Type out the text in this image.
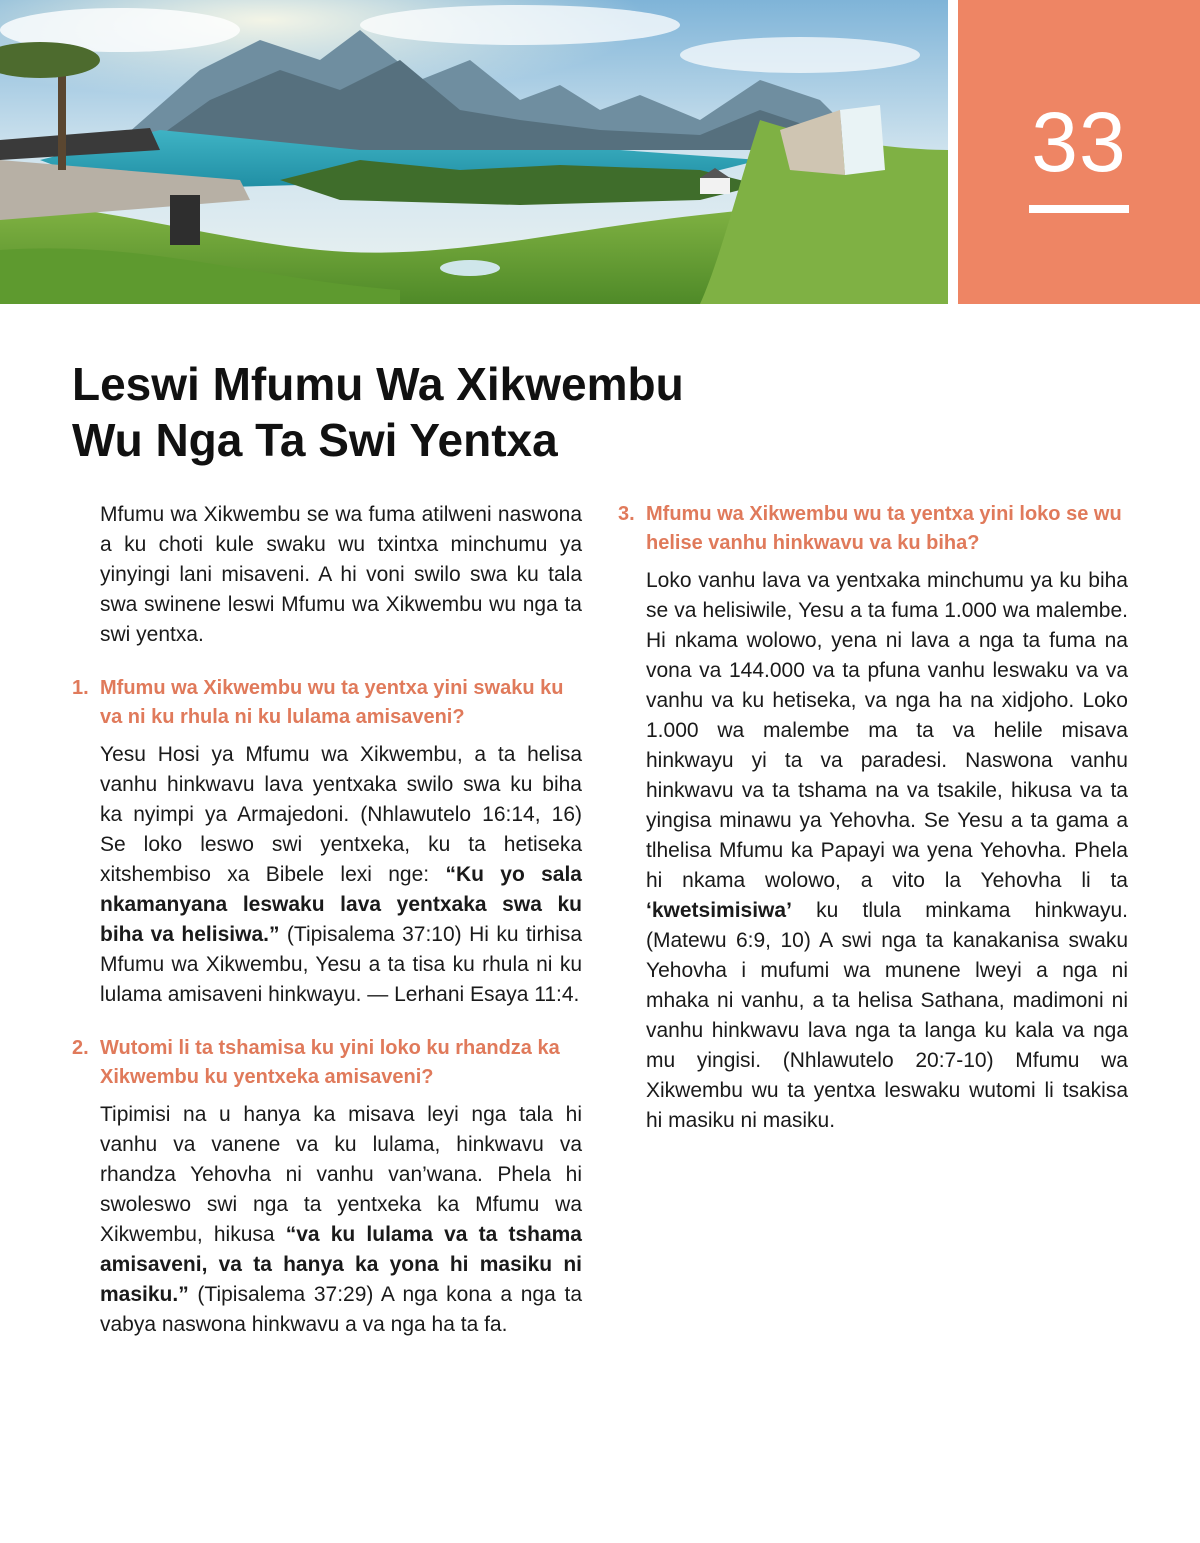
33
Leswi Mfumu Wa Xikwembu
Wu Nga Ta Swi Yentxa

Mfumu wa Xikwembu se wa fuma atilweni naswona a ku choti kule swaku wu txintxa minchumu ya yinyingi lani misaveni. A hi voni swilo swa ku tala swa swinene leswi Mfumu wa Xikwembu wu nga ta swi yentxa.

1. Mfumu wa Xikwembu wu ta yentxa yini swaku ku va ni ku rhula ni ku lulama amisaveni?

Yesu Hosi ya Mfumu wa Xikwembu, a ta helisa vanhu hinkwavu lava yentxaka swilo swa ku biha ka nyimpi ya Armajedoni. (Nhlawutelo 16:14, 16) Se loko leswo swi yentxeka, ku ta hetiseka xitshembiso xa Bibele lexi nge: “Ku yo sala nkamanyana leswaku lava yentxaka swa ku biha va helisiwa.” (Tipisalema 37:10) Hi ku tirhisa Mfumu wa Xikwembu, Yesu a ta tisa ku rhula ni ku lulama amisaveni hinkwayu. — Lerhani Esaya 11:4.

2. Wutomi li ta tshamisa ku yini loko ku rhandza ka Xikwembu ku yentxeka amisaveni?

Tipimisi na u hanya ka misava leyi nga tala hi vanhu va vanene va ku lulama, hinkwavu va rhandza Yehovha ni vanhu van’wana. Phela hi swoleswo swi nga ta yentxeka ka Mfumu wa Xikwembu, hikusa “va ku lulama va ta tshama amisaveni, va ta hanya ka yona hi masiku ni masiku.” (Tipisalema 37:29) A nga kona a nga ta vabya naswona hinkwavu a va nga ha ta fa.

3. Mfumu wa Xikwembu wu ta yentxa yini loko se wu helise vanhu hinkwavu va ku biha?

Loko vanhu lava va yentxaka minchumu ya ku biha se va helisiwile, Yesu a ta fuma 1.000 wa malembe. Hi nkama wolowo, yena ni lava a nga ta fuma na vona va 144.000 va ta pfuna vanhu leswaku va va vanhu va ku hetiseka, va nga ha na xidjoho. Loko 1.000 wa malembe ma ta va helile misava hinkwayu yi ta va paradesi. Naswona vanhu hinkwavu va ta tshama na va tsakile, hikusa va ta yingisa minawu ya Yehovha. Se Yesu a ta gama a tlhelisa Mfumu ka Papayi wa yena Yehovha. Phela hi nkama wolowo, a vito la Yehovha li ta ‘kwetsimisiwa’ ku tlula minkama hinkwayu. (Matewu 6:9, 10) A swi nga ta kanakanisa swaku Yehovha i mufumi wa munene lweyi a nga ni mhaka ni vanhu, a ta helisa Sathana, madimoni ni vanhu hinkwavu lava nga ta langa ku kala va nga mu yingisi. (Nhlawutelo 20:7-10) Mfumu wa Xikwembu wu ta yentxa leswaku wutomi li tsakisa hi masiku ni masiku.
